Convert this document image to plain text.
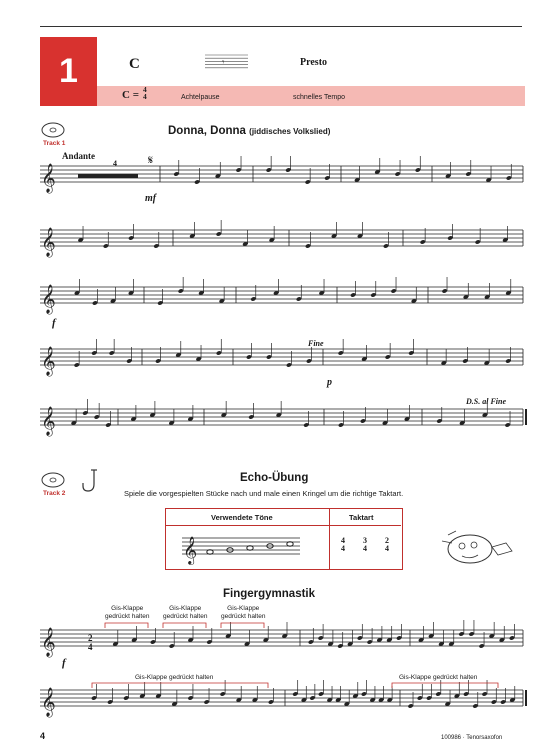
1	C
C = 4
4	Achtelpause
Presto
schnelles Tempo
Donna, Donna (jiddisches Volkslied)
Track 1
Andante
4
mf
f
Fine
p
D.S. al Fine
Track 2
Echo-Übung
Spiele die vorgespielten Stücke nach und male einen Kringel um die richtige Taktart.
Verwendete Töne	Taktart
4
4
3
4
2
4
Fingergymnastik
Gis-Klappe
gedrückt halten
Gis-Klappe
gedrückt halten
Gis-Klappe
gedrückt halten
2
4
f
Gis-Klappe gedrückt halten	Gis-Klappe gedrückt halten
4	100986 · Tenorsaxofon
𝄾
𝄞
𝄞
𝄞
𝄞
𝄞
𝄋
𝄞
𝄞
𝄞
